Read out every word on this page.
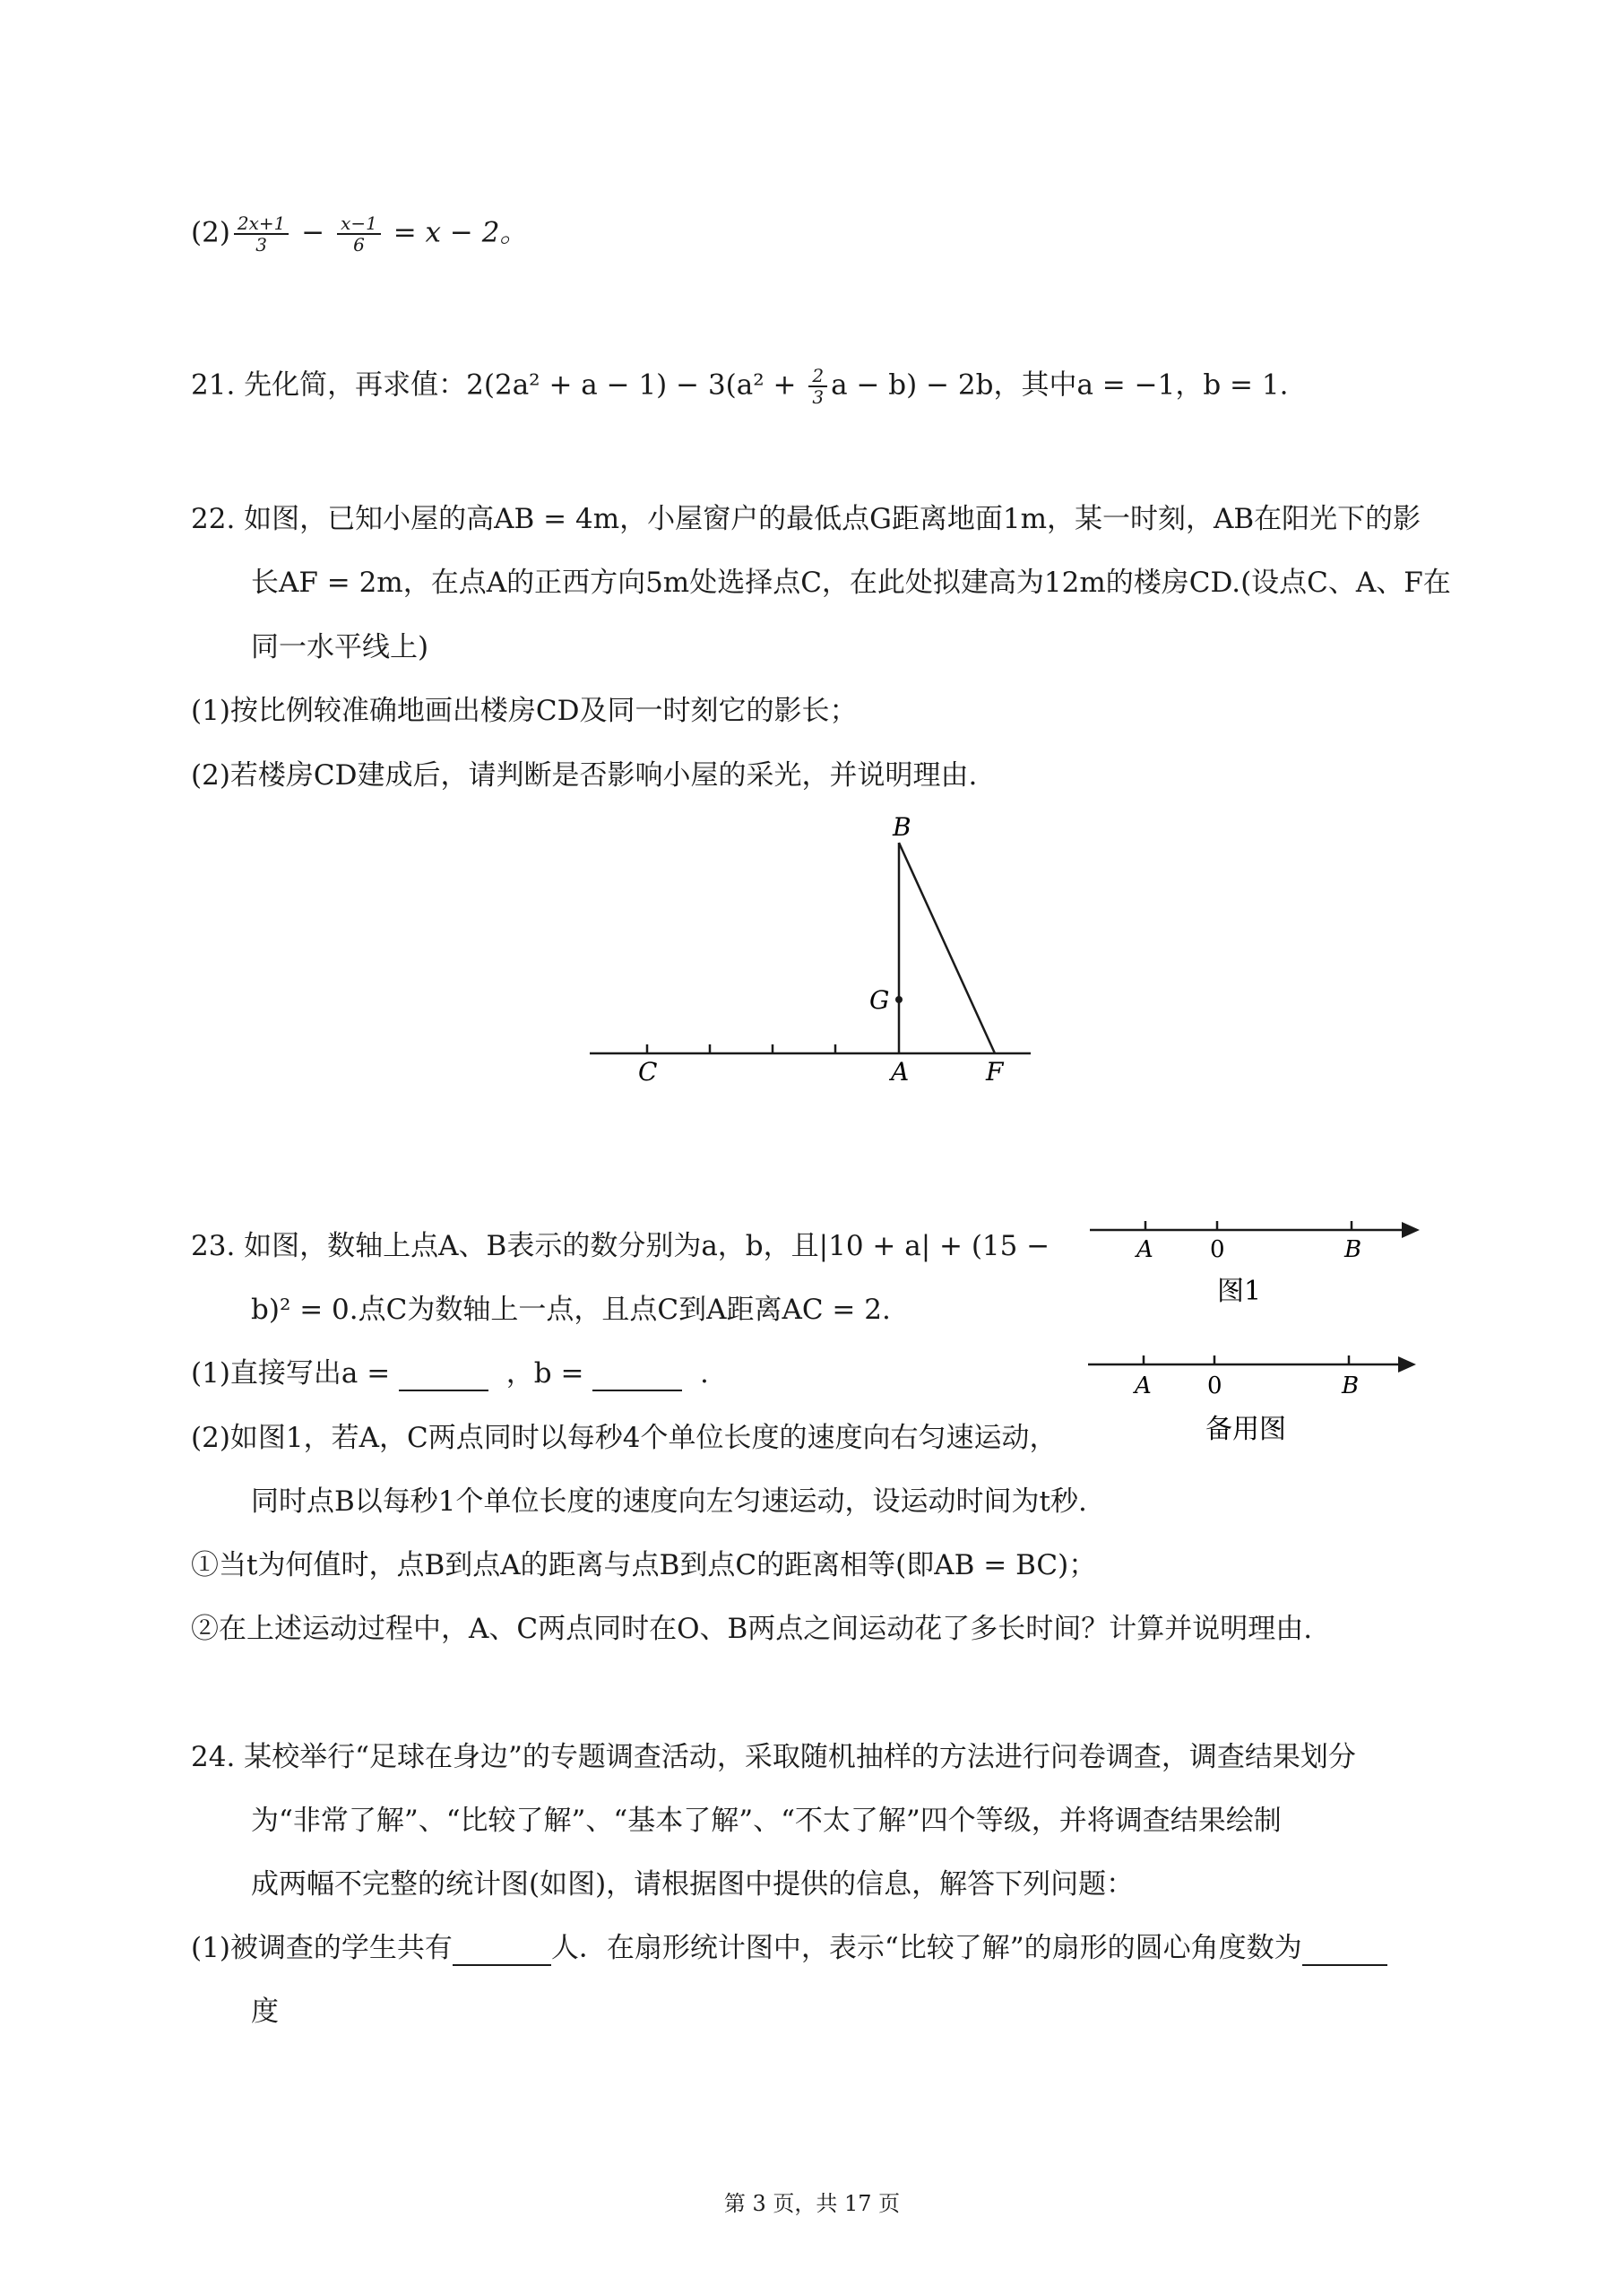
$(2) \frac{2x+1}{3} - \frac{x-1}{6} = x - 2$。
21. 先化简，再求值：$2(2a^2 + a - 1) - 3(a^2 + \frac{2}{3}$ a − b) − 2b，其中a = −1，b = 1.
22. 如图，已知小屋的高AB = 4m，小屋窗户的最低点G距离地面1m，某一时刻，AB在阳光下的影
长AF = 2m，在点A的正西方向5m处选择点C，在此处拟建高为12m的楼房CD.(设点C、A、F在
同一水平线上)
(1)按比例较准确地画出楼房CD及同一时刻它的影长；
(2)若楼房CD建成后，请判断是否影响小屋的采光，并说明理由.
B
G
C	A	F
23. 如图，数轴上点A、B表示的数分别为a，b，且|10 + a| + (15 −
b)² = 0.点C为数轴上一点，且点C到A距离AC = 2.
(1)直接写出a =	，b =	.
(2)如图1，若A，C两点同时以每秒4个单位长度的速度向右匀速运动，
同时点B以每秒1个单位长度的速度向左匀速运动，设运动时间为t秒.
①当t为何值时，点B到点A的距离与点B到点C的距离相等(即AB = BC)；
②在上述运动过程中，A、C两点同时在O、B两点之间运动花了多长时间？计算并说明理由.
A 0	B
图1
A 0	B
备用图
24. 某校举行“足球在身边”的专题调查活动，采取随机抽样的方法进行问卷调查，调查结果划分
为“非常了解”、“比较了解”、“基本了解”、“不太了解”四个等级，并将调查结果绘制
成两幅不完整的统计图(如图)，请根据图中提供的信息，解答下列问题：
(1)被调查的学生共有	人．在扇形统计图中，表示“比较了解”的扇形的圆心角度数为
度
第 3 页，共 17 页
